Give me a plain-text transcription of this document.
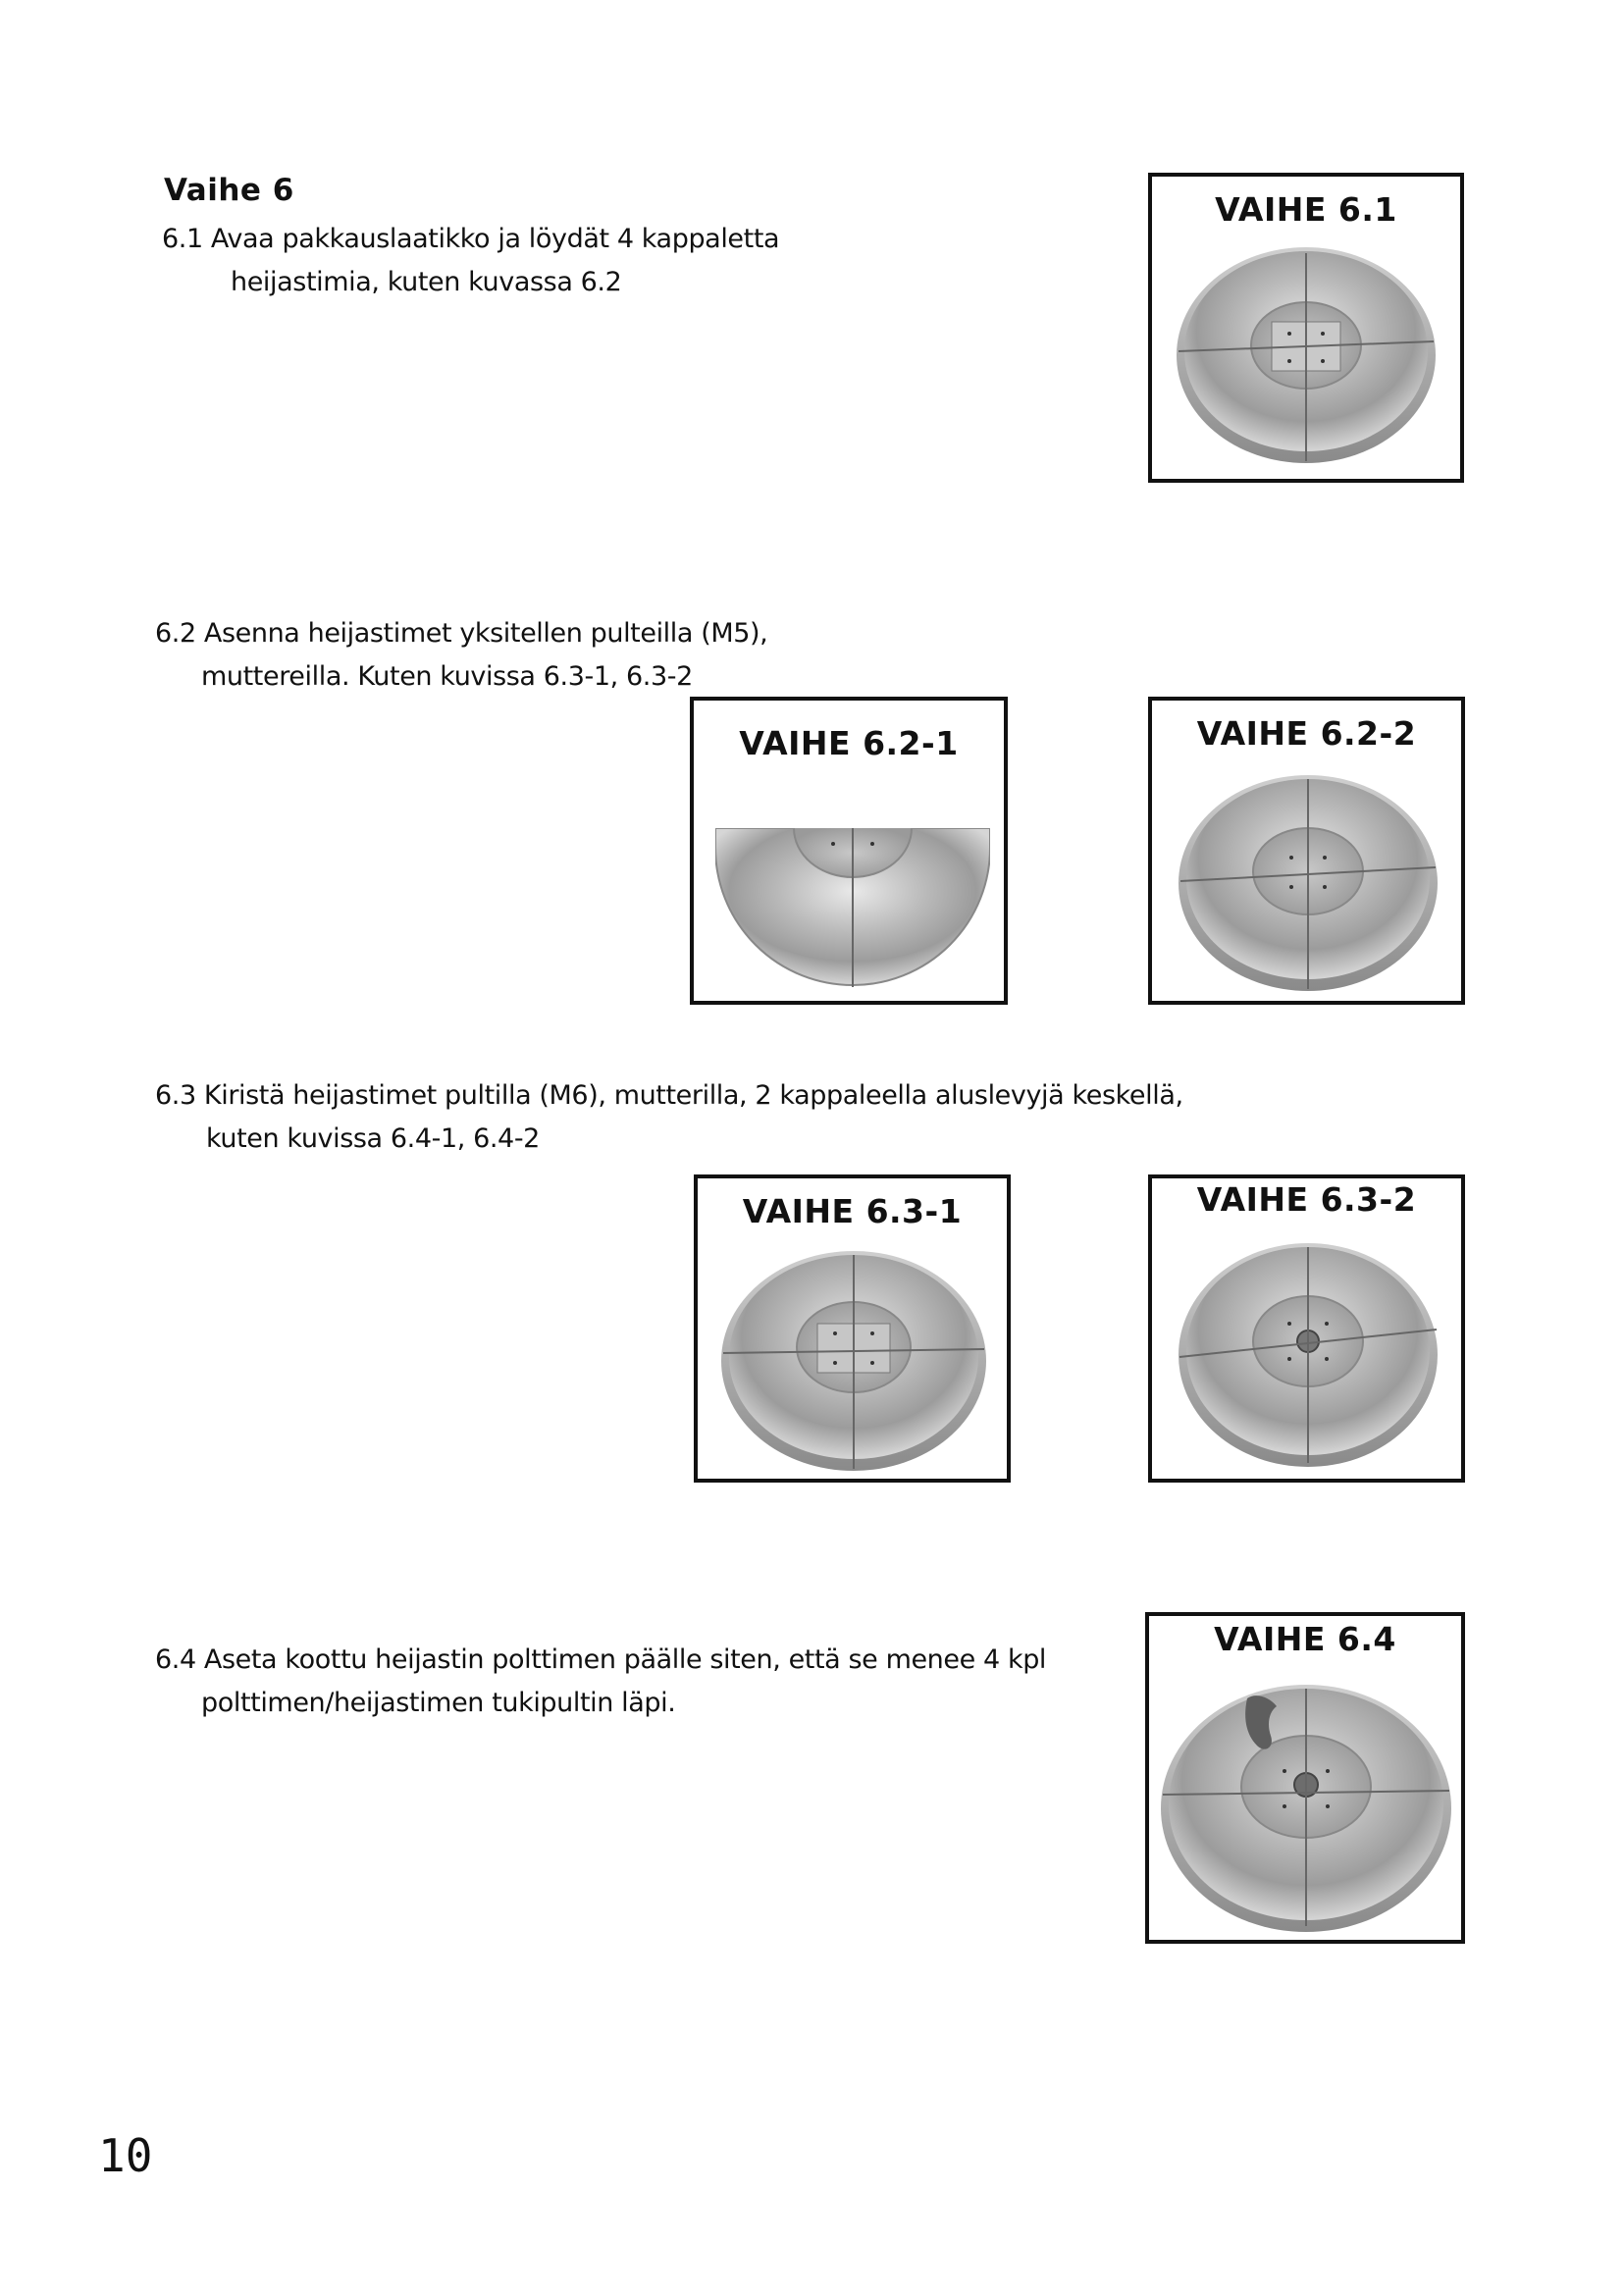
Vaihe 6
6.1 Avaa pakkauslaatikko ja löydät 4 kappaletta
heijastimia, kuten kuvassa 6.2
6.2 Asenna heijastimet yksitellen pulteilla (M5),
muttereilla. Kuten kuvissa 6.3-1, 6.3-2
6.3 Kiristä heijastimet pultilla (M6), mutterilla, 2 kappaleella aluslevyjä keskellä,
kuten kuvissa 6.4-1, 6.4-2
6.4 Aseta koottu heijastin polttimen päälle siten, että se menee 4 kpl
polttimen/heijastimen tukipultin läpi.
VAIHE 6.1
VAIHE 6.2-1	VAIHE 6.2-2
VAIHE 6.3-1	VAIHE 6.3-2
VAIHE 6.4
10
